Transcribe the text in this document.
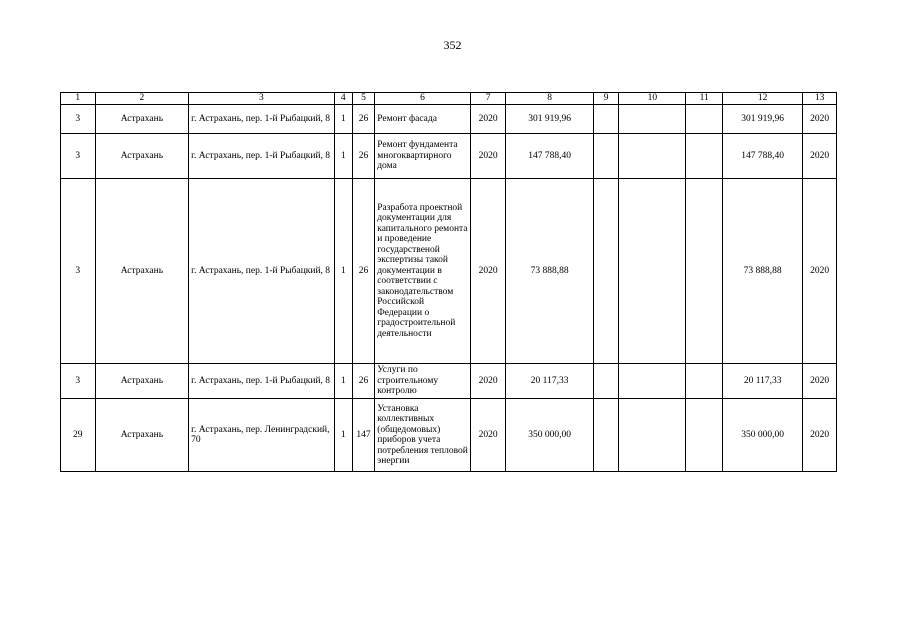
352
1	2	3	4	5	6	7	8	9	10	11	12	13
3	Астрахань	г. Астрахань, пер. 1-й Рыбацкий, 8	1	26	Ремонт фасада	2020	301 919,96				301 919,96	2020
3	Астрахань	г. Астрахань, пер. 1-й Рыбацкий, 8	1	26	Ремонт фундамента многоквартирного дома	2020	147 788,40				147 788,40	2020
3	Астрахань	г. Астрахань, пер. 1-й Рыбацкий, 8	1	26	Разработа проектной документации для капитального ремонта и проведение государственой экспертизы такой документации в соответствии с законодательством Российской Федерации о градостроительной деятельности	2020	73 888,88				73 888,88	2020
3	Астрахань	г. Астрахань, пер. 1-й Рыбацкий, 8	1	26	Услуги по строительному контролю	2020	20 117,33				20 117,33	2020
29	Астрахань	г. Астрахань, пер. Ленинградский, 70	1	147	Установка коллективных (общедомовых) приборов учета потребления тепловой энергии	2020	350 000,00				350 000,00	2020
